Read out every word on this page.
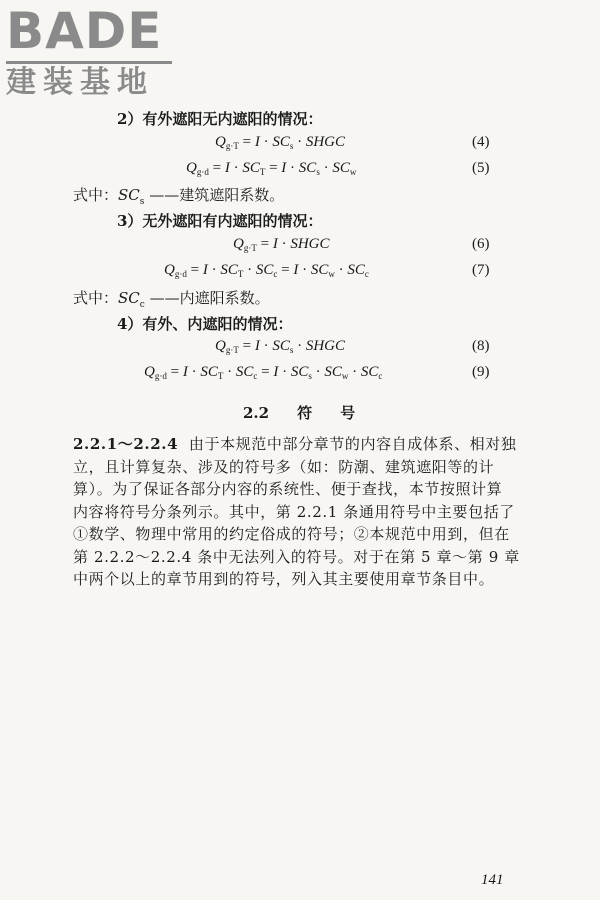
BADE
建装基地
2）有外遮阳无内遮阳的情况：
$Q_{g\cdot T} = I \cdot SC_s$ · SHGC	(4)
$Q_{g\cdot d} = I \cdot SC_T = I \cdot SC_s \cdot SC_w$	(5)
式中：$SC_s$ ——建筑遮阳系数。
3）无外遮阳有内遮阳的情况：
$Q_{g\cdot T} = I$ · SHGC	(6)
$Q_{g\cdot d} = I \cdot SC_T \cdot SC_c = I \cdot SC_w \cdot SC_c$	(7)
式中：$SC_c$ ——内遮阳系数。
4）有外、内遮阳的情况：
$Q_{g\cdot T} = I \cdot SC_s$ · SHGC	(8)
$Q_{g\cdot d} = I \cdot SC_T \cdot SC_c = I \cdot SC_s \cdot SC_w \cdot SC_c$	(9)
2.2 符 号
2.2.1～2.2.4 由于本规范中部分章节的内容自成体系、相对独
立，且计算复杂、涉及的符号多（如：防潮、建筑遮阳等的计
算）。为了保证各部分内容的系统性、便于查找，本节按照计算
内容将符号分条列示。其中，第 2.2.1 条通用符号中主要包括了
①数学、物理中常用的约定俗成的符号；②本规范中用到，但在
第 2.2.2～2.2.4 条中无法列入的符号。对于在第 5 章～第 9 章
中两个以上的章节用到的符号，列入其主要使用章节条目中。
141
